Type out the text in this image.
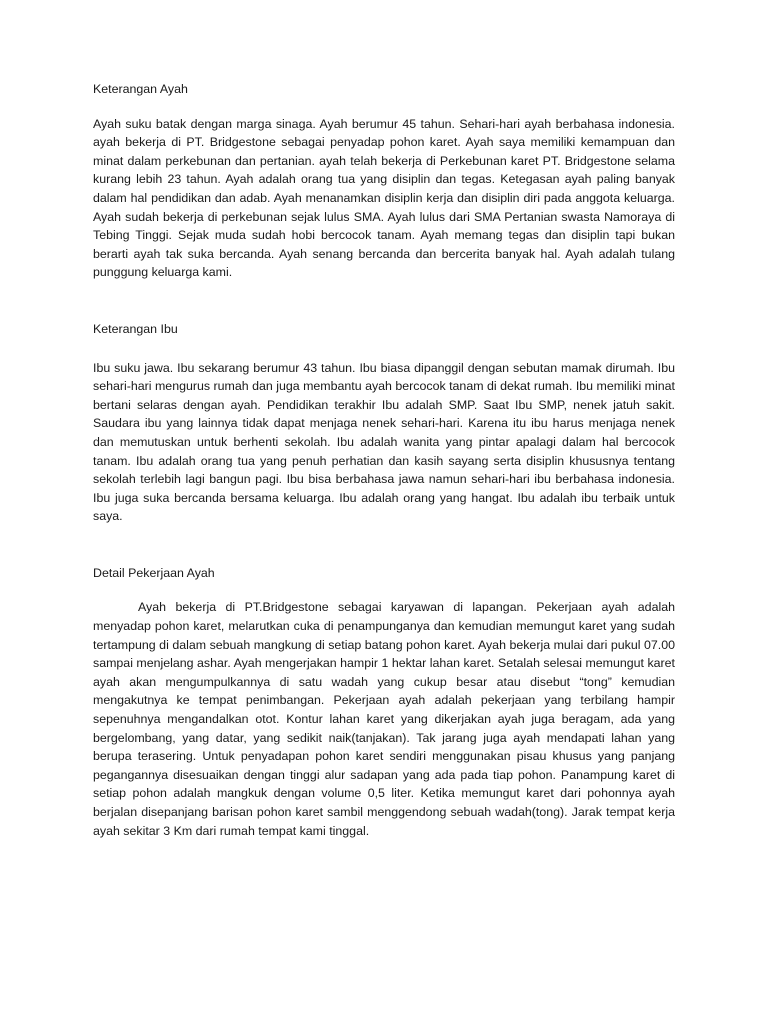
Keterangan Ayah

Ayah suku batak dengan marga sinaga. Ayah berumur 45 tahun. Sehari-hari ayah berbahasa indonesia. ayah bekerja di PT. Bridgestone sebagai penyadap pohon karet. Ayah saya memiliki kemampuan dan minat dalam perkebunan dan pertanian. ayah telah bekerja di Perkebunan karet PT. Bridgestone selama kurang lebih 23 tahun. Ayah adalah orang tua yang disiplin dan tegas. Ketegasan ayah paling banyak dalam hal pendidikan dan adab. Ayah menanamkan disiplin kerja dan disiplin diri pada anggota keluarga. Ayah sudah bekerja di perkebunan sejak lulus SMA. Ayah lulus dari SMA Pertanian swasta Namoraya di Tebing Tinggi. Sejak muda sudah hobi bercocok tanam. Ayah memang tegas dan disiplin tapi bukan berarti ayah tak suka bercanda. Ayah senang bercanda dan bercerita banyak hal. Ayah adalah tulang punggung keluarga kami.

Keterangan Ibu

Ibu suku jawa. Ibu sekarang berumur 43 tahun. Ibu biasa dipanggil dengan sebutan mamak dirumah. Ibu sehari-hari mengurus rumah dan juga membantu ayah bercocok tanam di dekat rumah. Ibu memiliki minat bertani selaras dengan ayah. Pendidikan terakhir Ibu adalah SMP. Saat Ibu SMP, nenek jatuh sakit. Saudara ibu yang lainnya tidak dapat menjaga nenek sehari-hari. Karena itu ibu harus menjaga nenek dan memutuskan untuk berhenti sekolah. Ibu adalah wanita yang pintar apalagi dalam hal bercocok tanam. Ibu adalah orang tua yang penuh perhatian dan kasih sayang serta disiplin khususnya tentang sekolah terlebih lagi bangun pagi. Ibu bisa berbahasa jawa namun sehari-hari ibu berbahasa indonesia. Ibu juga suka bercanda bersama keluarga. Ibu adalah orang yang hangat. Ibu adalah ibu terbaik untuk saya.

Detail Pekerjaan Ayah

Ayah bekerja di PT.Bridgestone sebagai karyawan di lapangan. Pekerjaan ayah adalah menyadap pohon karet, melarutkan cuka di penampunganya dan kemudian memungut karet yang sudah tertampung di dalam sebuah mangkung di setiap batang pohon karet. Ayah bekerja mulai dari pukul 07.00 sampai menjelang ashar. Ayah mengerjakan hampir 1 hektar lahan karet. Setalah selesai memungut karet ayah akan mengumpulkannya di satu wadah yang cukup besar atau disebut “tong” kemudian mengakutnya ke tempat penimbangan. Pekerjaan ayah adalah pekerjaan yang terbilang hampir sepenuhnya mengandalkan otot. Kontur lahan karet yang dikerjakan ayah juga beragam, ada yang bergelombang, yang datar, yang sedikit naik(tanjakan). Tak jarang juga ayah mendapati lahan yang berupa terasering. Untuk penyadapan pohon karet sendiri menggunakan pisau khusus yang panjang pegangannya disesuaikan dengan tinggi alur sadapan yang ada pada tiap pohon. Panampung karet di setiap pohon adalah mangkuk dengan volume 0,5 liter. Ketika memungut karet dari pohonnya ayah berjalan disepanjang barisan pohon karet sambil menggendong sebuah wadah(tong). Jarak tempat kerja ayah sekitar 3 Km dari rumah tempat kami tinggal.
